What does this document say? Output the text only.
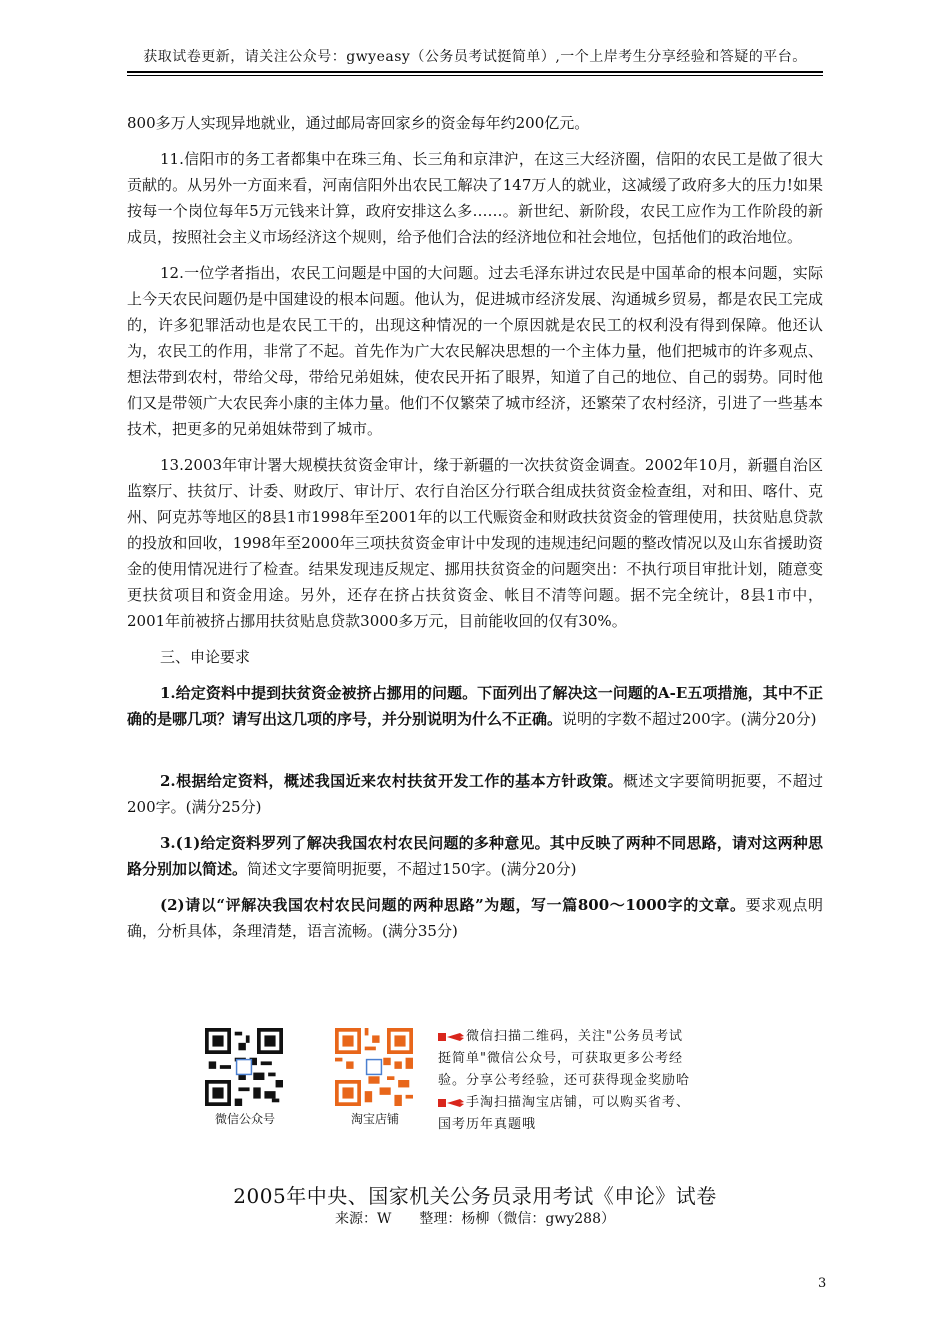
获取试卷更新，请关注公众号：gwyeasy（公务员考试挺简单）,一个上岸考生分享经验和答疑的平台。

800多万人实现异地就业，通过邮局寄回家乡的资金每年约200亿元。

11.信阳市的务工者都集中在珠三角、长三角和京津沪，在这三大经济圈，信阳的农民工是做了很大贡献的。从另外一方面来看，河南信阳外出农民工解决了147万人的就业，这减缓了政府多大的压力!如果按每一个岗位每年5万元钱来计算，政府安排这么多……。新世纪、新阶段，农民工应作为工作阶段的新成员，按照社会主义市场经济这个规则，给予他们合法的经济地位和社会地位，包括他们的政治地位。

12.一位学者指出，农民工问题是中国的大问题。过去毛泽东讲过农民是中国革命的根本问题，实际上今天农民问题仍是中国建设的根本问题。他认为，促进城市经济发展、沟通城乡贸易，都是农民工完成的，许多犯罪活动也是农民工干的，出现这种情况的一个原因就是农民工的权利没有得到保障。他还认为，农民工的作用，非常了不起。首先作为广大农民解决思想的一个主体力量，他们把城市的许多观点、想法带到农村，带给父母，带给兄弟姐妹，使农民开拓了眼界，知道了自己的地位、自己的弱势。同时他们又是带领广大农民奔小康的主体力量。他们不仅繁荣了城市经济，还繁荣了农村经济，引进了一些基本技术，把更多的兄弟姐妹带到了城市。

13.2003年审计署大规模扶贫资金审计，缘于新疆的一次扶贫资金调查。2002年10月，新疆自治区监察厅、扶贫厅、计委、财政厅、审计厅、农行自治区分行联合组成扶贫资金检查组，对和田、喀什、克州、阿克苏等地区的8县1市1998年至2001年的以工代赈资金和财政扶贫资金的管理使用，扶贫贴息贷款的投放和回收，1998年至2000年三项扶贫资金审计中发现的违规违纪问题的整改情况以及山东省援助资金的使用情况进行了检查。结果发现违反规定、挪用扶贫资金的问题突出：不执行项目审批计划，随意变更扶贫项目和资金用途。另外，还存在挤占扶贫资金、帐目不清等问题。据不完全统计，8县1市中，2001年前被挤占挪用扶贫贴息贷款3000多万元，目前能收回的仅有30%。

三、申论要求

1.给定资料中提到扶贫资金被挤占挪用的问题。下面列出了解决这一问题的A-E五项措施，其中不正确的是哪几项？请写出这几项的序号，并分别说明为什么不正确。说明的字数不超过200字。(满分20分)

2.根据给定资料，概述我国近来农村扶贫开发工作的基本方针政策。概述文字要简明扼要，不超过200字。(满分25分)

3.(1)给定资料罗列了解决我国农村农民问题的多种意见。其中反映了两种不同思路，请对这两种思路分别加以简述。简述文字要简明扼要，不超过150字。(满分20分)

(2)请以“评解决我国农村农民问题的两种思路”为题，写一篇800～1000字的文章。要求观点明确，分析具体，条理清楚，语言流畅。(满分35分)

微信公众号	淘宝店铺
微信扫描二维码，关注"公务员考试
挺简单"微信公众号，可获取更多公考经
验。分享公考经验，还可获得现金奖励哈
手淘扫描淘宝店铺，可以购买省考、
国考历年真题哦
2005年中央、国家机关公务员录用考试《申论》试卷
来源：W　　整理：杨柳（微信：gwy288）
3
